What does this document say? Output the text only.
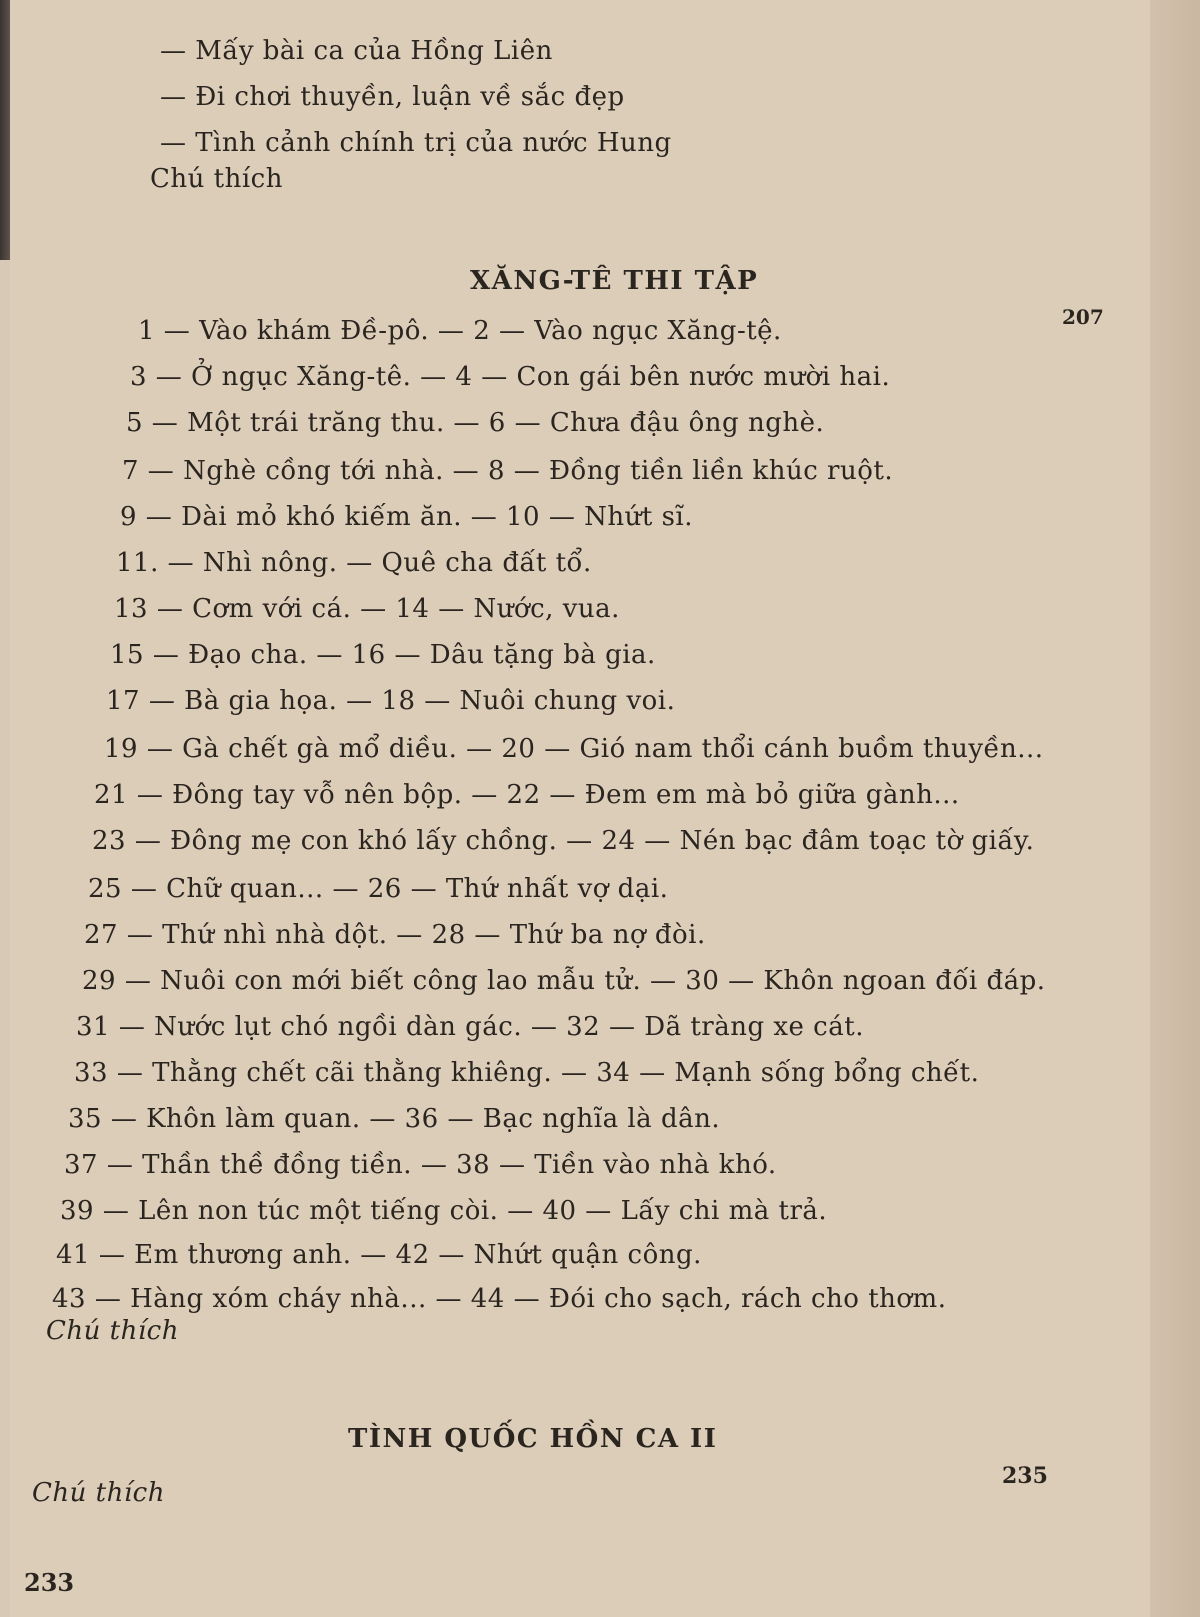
— Mấy bài ca của Hồng Liên
— Đi chơi thuyền, luận về sắc đẹp
— Tình cảnh chính trị của nước Hung
Chú thích
XĂNG-TÊ THI TẬP
207
1 — Vào khám Đề-pô. — 2 — Vào ngục Xăng-tệ.
3 — Ở ngục Xăng-tê. — 4 — Con gái bên nước mười hai.
5 — Một trái trăng thu. — 6 — Chưa đậu ông nghè.
7 — Nghè cồng tới nhà. — 8 — Đồng tiền liền khúc ruột.
9 — Dài mỏ khó kiếm ăn. — 10 — Nhứt sĩ.
11. — Nhì nông. — Quê cha đất tổ.
13 — Cơm với cá. — 14 — Nước, vua.
15 — Đạo cha. — 16 — Dâu tặng bà gia.
17 — Bà gia họa. — 18 — Nuôi chung voi.
19 — Gà chết gà mổ diều. — 20 — Gió nam thổi cánh buồm thuyền...
21 — Đông tay vỗ nên bộp. — 22 — Đem em mà bỏ giữa gành...
23 — Đông mẹ con khó lấy chồng. — 24 — Nén bạc đâm toạc tờ giấy.
25 — Chữ quan... — 26 — Thứ nhất vợ dại.
27 — Thứ nhì nhà dột. — 28 — Thứ ba nợ đòi.
29 — Nuôi con mới biết công lao mẫu tử. — 30 — Khôn ngoan đối đáp.
31 — Nước lụt chó ngồi dàn gác. — 32 — Dã tràng xe cát.
33 — Thằng chết cãi thằng khiêng. — 34 — Mạnh sống bổng chết.
35 — Khôn làm quan. — 36 — Bạc nghĩa là dân.
37 — Thần thề đồng tiền. — 38 — Tiền vào nhà khó.
39 — Lên non túc một tiếng còi. — 40 — Lấy chi mà trả.
41 — Em thương anh. — 42 — Nhứt quận công.
43 — Hàng xóm cháy nhà... — 44 — Đói cho sạch, rách cho thơm.
Chú thích
TÌNH QUỐC HỒN CA II
235
Chú thích
233
